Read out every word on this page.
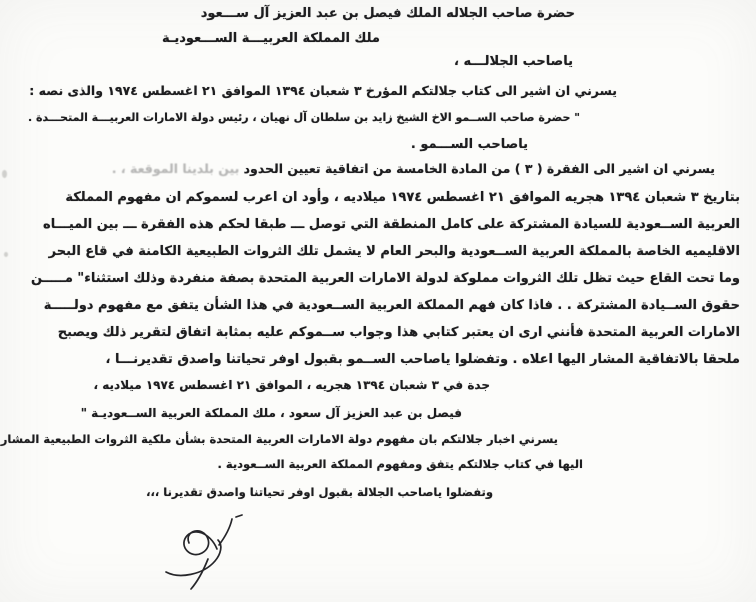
حضرة صاحب الجلاله الملك فيصل بن عبد العزيز آل ســـعود
ملك المملكة العربيـــة الســـعوديـة
ياصاحب الجلالـــه ،
يسرني ان اشير الى كتاب جلالتكم المؤرخ ٣ شعبان ١٣٩٤ الموافق ٢١ اغسطس ١٩٧٤ والذى نصه :
" حضرة صاحب الســمو الاخ الشيخ زايد بن سلطان آل نهيان ، رئيس دولة الامارات العربيـــة المتحـــدة .
ياصاحب الســـمو .
يسرني ان اشير الى الفقرة ( ٣ ) من المادة الخامسة من اتفاقية تعيين الحدود بين بلدينا الموقعة ، .
بتاريخ ٣ شعبان ١٣٩٤ هجريه الموافق ٢١ اغسطس ١٩٧٤ ميلاديه ، وأود ان اعرب لسموكم ان مفهوم المملكة
العربية الســعودية للسيادة المشتركة على كامل المنطقة التي توصل ـــ طبقا لحكم هذه الفقرة ـــ بين الميـــاه
الاقليميه الخاصة بالمملكة العربية الســعودية والبحر العام لا يشمل تلك الثروات الطبيعية الكامنة في قاع البحر
وما تحت القاع حيث تظل تلك الثروات مملوكة لدولة الامارات العربية المتحدة بصفة منفردة وذلك استثناء" مـــــن
حقوق الســيادة المشتركة . . فاذا كان فهم المملكة العربية الســعودية في هذا الشأن يتفق مع مفهوم دولـــــة
الامارات العربية المتحدة فأنني ارى ان يعتبر كتابي هذا وجواب ســموكم عليه بمثابة اتفاق لتقرير ذلك ويصبح
ملحقا بالاتفاقية المشار اليها اعلاه . وتفضلوا ياصاحب الســمو بقبول اوفر تحياتنا واصدق تقديرنـــا ،
جدة في ٣ شعبان ١٣٩٤ هجريه ، الموافق ٢١ اغسطس ١٩٧٤ ميلاديه ،
فيصل بن عبد العزيز آل سعود ، ملك المملكة العربية الســعوديـة "
يسرني اخبار جلالتكم بان مفهوم دولة الامارات العربية المتحدة بشأن ملكية الثروات الطبيعية المشار
اليها في كتاب جلالتكم يتفق ومفهوم المملكة العربية الســعودية .
وتفضلوا ياصاحب الجلالة بقبول اوفر تحياتنا واصدق تقديرنا ،،،
